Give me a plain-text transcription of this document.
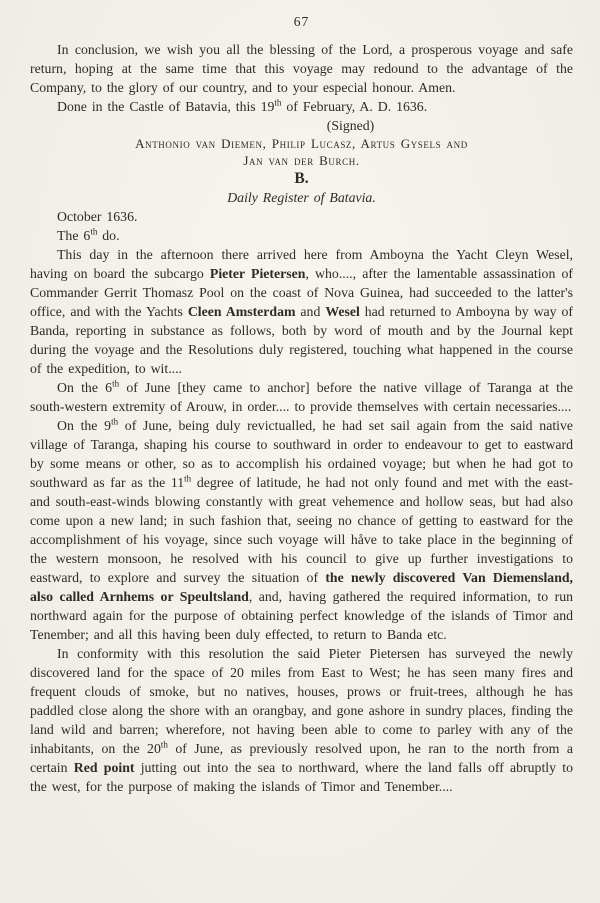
67

In conclusion, we wish you all the blessing of the Lord, a prosperous voyage and safe return, hoping at the same time that this voyage may redound to the advantage of the Company, to the glory of our country, and to your especial honour. Amen.

Done in the Castle of Batavia, this 19th of February, A. D. 1636.

(Signed)

Anthonio van Diemen, Philip Lucasz, Artus Gysels and

Jan van der Burch.

B.

Daily Register of Batavia.

October 1636.

The 6th do.

This day in the afternoon there arrived here from Amboyna the Yacht Cleyn Wesel, having on board the subcargo Pieter Pietersen, who...., after the lamentable assassination of Commander Gerrit Thomasz Pool on the coast of Nova Guinea, had succeeded to the latter's office, and with the Yachts Cleen Amsterdam and Wesel had returned to Amboyna by way of Banda, reporting in substance as follows, both by word of mouth and by the Journal kept during the voyage and the Resolutions duly registered, touching what happened in the course of the expedition, to wit....

On the 6th of June [they came to anchor] before the native village of Taranga at the south-western extremity of Arouw, in order.... to provide themselves with certain necessaries....

On the 9th of June, being duly revictualled, he had set sail again from the said native village of Taranga, shaping his course to southward in order to endeavour to get to eastward by some means or other, so as to accomplish his ordained voyage; but when he had got to southward as far as the 11th degree of latitude, he had not only found and met with the east- and south-east-winds blowing constantly with great vehemence and hollow seas, but had also come upon a new land; in such fashion that, seeing no chance of getting to eastward for the accomplishment of his voyage, since such voyage will håve to take place in the beginning of the western monsoon, he resolved with his council to give up further investigations to eastward, to explore and survey the situation of the newly discovered Van Diemensland, also called Arnhems or Speultsland, and, having gathered the required information, to run northward again for the purpose of obtaining perfect knowledge of the islands of Timor and Tenember; and all this having been duly effected, to return to Banda etc.

In conformity with this resolution the said Pieter Pietersen has surveyed the newly discovered land for the space of 20 miles from East to West; he has seen many fires and frequent clouds of smoke, but no natives, houses, prows or fruit-trees, although he has paddled close along the shore with an orangbay, and gone ashore in sundry places, finding the land wild and barren; wherefore, not having been able to come to parley with any of the inhabitants, on the 20th of June, as previously resolved upon, he ran to the north from a certain Red point jutting out into the sea to northward, where the land falls off abruptly to the west, for the purpose of making the islands of Timor and Tenember....
